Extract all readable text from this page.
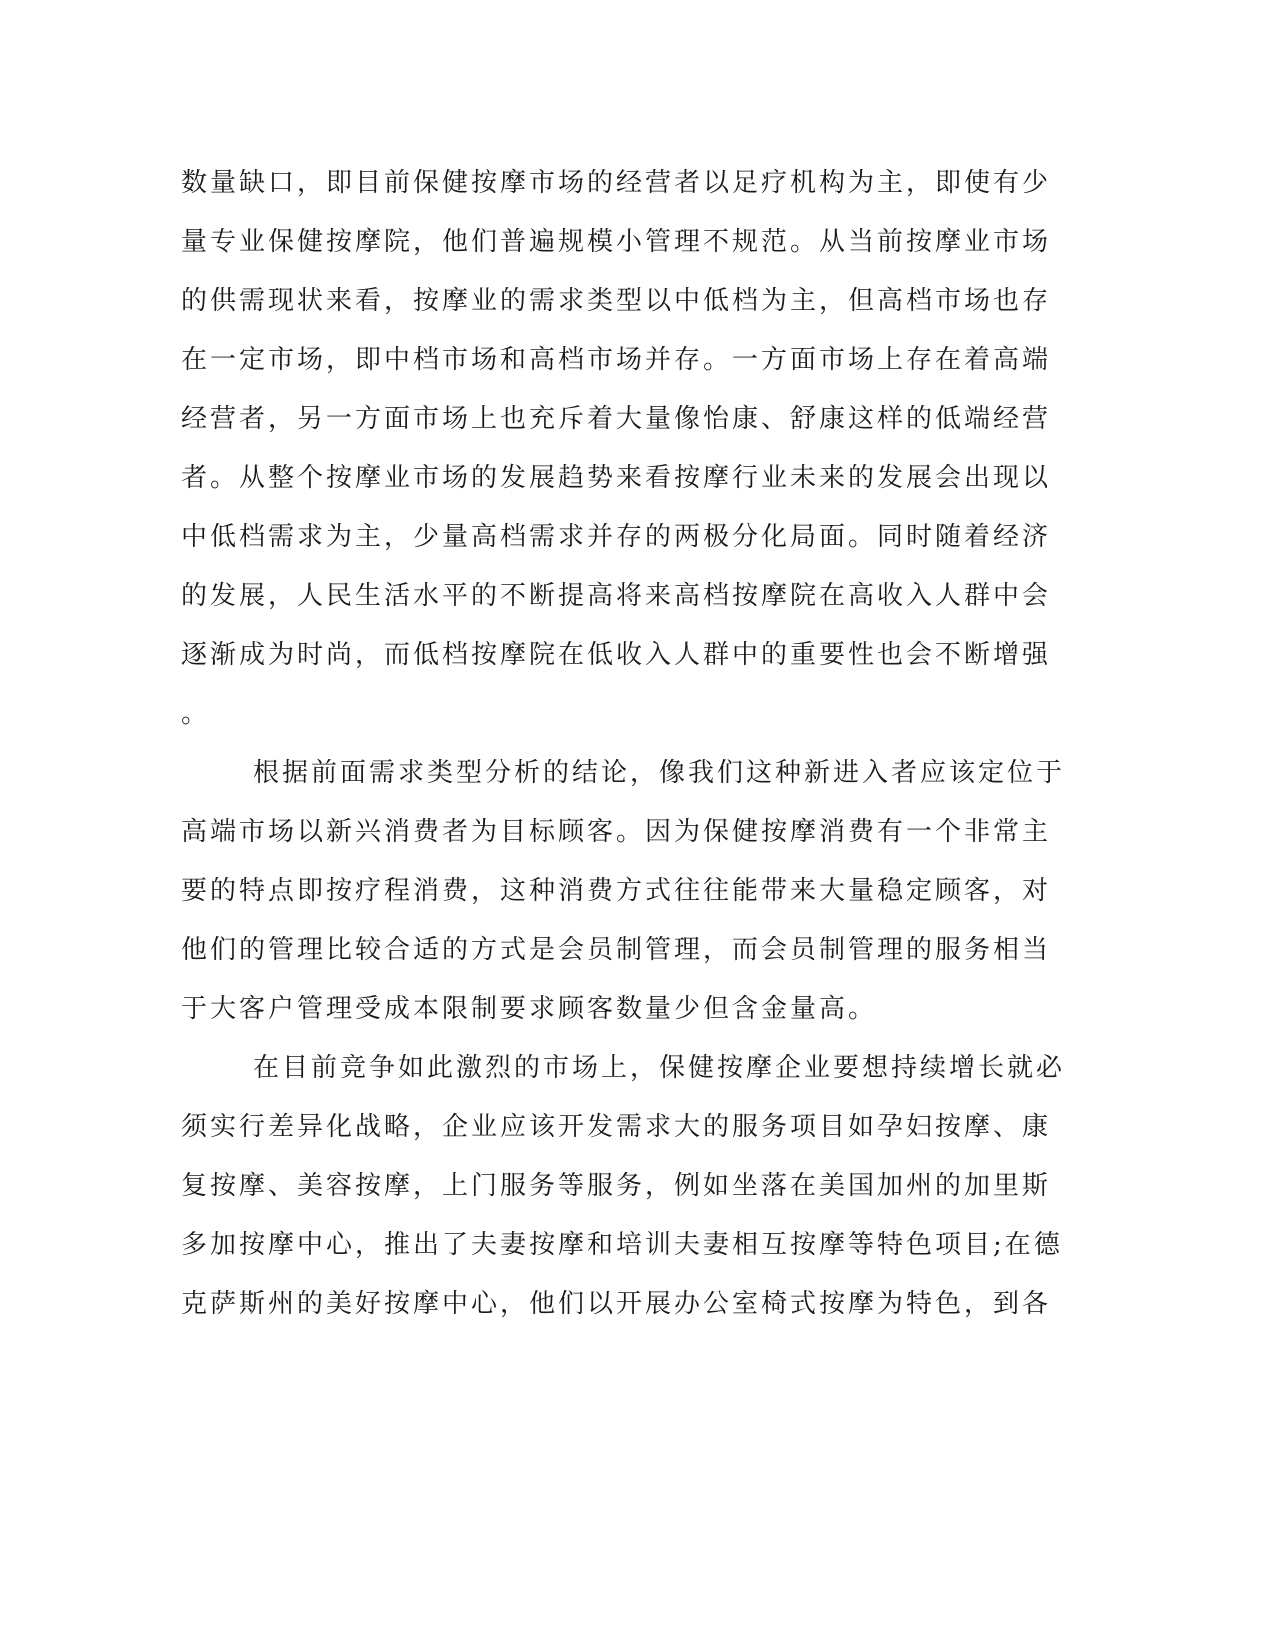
数量缺口，即目前保健按摩市场的经营者以足疗机构为主，即使有少
量专业保健按摩院，他们普遍规模小管理不规范。从当前按摩业市场
的供需现状来看，按摩业的需求类型以中低档为主，但高档市场也存
在一定市场，即中档市场和高档市场并存。一方面市场上存在着高端
经营者，另一方面市场上也充斥着大量像怡康、舒康这样的低端经营
者。从整个按摩业市场的发展趋势来看按摩行业未来的发展会出现以
中低档需求为主，少量高档需求并存的两极分化局面。同时随着经济
的发展，人民生活水平的不断提高将来高档按摩院在高收入人群中会
逐渐成为时尚，而低档按摩院在低收入人群中的重要性也会不断增强
。
根据前面需求类型分析的结论，像我们这种新进入者应该定位于
高端市场以新兴消费者为目标顾客。因为保健按摩消费有一个非常主
要的特点即按疗程消费，这种消费方式往往能带来大量稳定顾客，对
他们的管理比较合适的方式是会员制管理，而会员制管理的服务相当
于大客户管理受成本限制要求顾客数量少但含金量高。
在目前竞争如此激烈的市场上，保健按摩企业要想持续增长就必
须实行差异化战略，企业应该开发需求大的服务项目如孕妇按摩、康
复按摩、美容按摩，上门服务等服务，例如坐落在美国加州的加里斯
多加按摩中心，推出了夫妻按摩和培训夫妻相互按摩等特色项目;在德
克萨斯州的美好按摩中心，他们以开展办公室椅式按摩为特色，到各
